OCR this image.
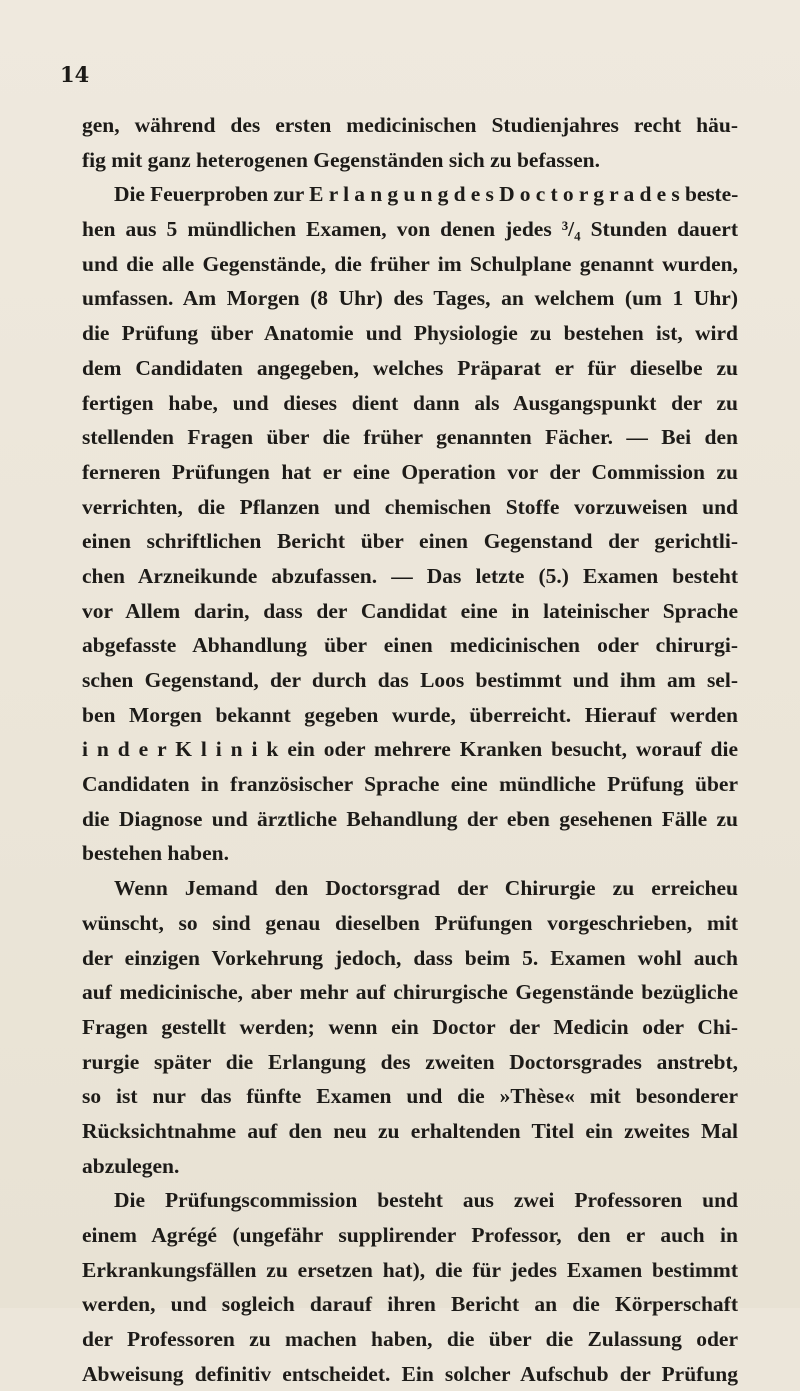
14
gen, während des ersten medicinischen Studienjahres recht häu-
fig mit ganz heterogenen Gegenständen sich zu befassen.
Die Feuerproben zur E r l a n g u n g d e s D o c t o r g r a d e s beste-
hen aus 5 mündlichen Examen, von denen jedes ³/₄ Stunden dauert
und die alle Gegenstände, die früher im Schulplane genannt wurden,
umfassen. Am Morgen (8 Uhr) des Tages, an welchem (um 1 Uhr)
die Prüfung über Anatomie und Physiologie zu bestehen ist, wird
dem Candidaten angegeben, welches Präparat er für dieselbe zu
fertigen habe, und dieses dient dann als Ausgangspunkt der zu
stellenden Fragen über die früher genannten Fächer. — Bei den
ferneren Prüfungen hat er eine Operation vor der Commission zu
verrichten, die Pflanzen und chemischen Stoffe vorzuweisen und
einen schriftlichen Bericht über einen Gegenstand der gerichtli-
chen Arzneikunde abzufassen. — Das letzte (5.) Examen besteht
vor Allem darin, dass der Candidat eine in lateinischer Sprache
abgefasste Abhandlung über einen medicinischen oder chirurgi-
schen Gegenstand, der durch das Loos bestimmt und ihm am sel-
ben Morgen bekannt gegeben wurde, überreicht. Hierauf werden
i n d e r K l i n i k ein oder mehrere Kranken besucht, worauf die
Candidaten in französischer Sprache eine mündliche Prüfung über
die Diagnose und ärztliche Behandlung der eben gesehenen Fälle zu
bestehen haben.
Wenn Jemand den Doctorsgrad der Chirurgie zu erreicheu
wünscht, so sind genau dieselben Prüfungen vorgeschrieben, mit
der einzigen Vorkehrung jedoch, dass beim 5. Examen wohl auch
auf medicinische, aber mehr auf chirurgische Gegenstände bezügliche
Fragen gestellt werden; wenn ein Doctor der Medicin oder Chi-
rurgie später die Erlangung des zweiten Doctorsgrades anstrebt,
so ist nur das fünfte Examen und die »Thèse« mit besonderer
Rücksichtnahme auf den neu zu erhaltenden Titel ein zweites Mal
abzulegen.
Die Prüfungscommission besteht aus zwei Professoren und
einem Agrégé (ungefähr supplirender Professor, den er auch in
Erkrankungsfällen zu ersetzen hat), die für jedes Examen bestimmt
werden, und sogleich darauf ihren Bericht an die Körperschaft
der Professoren zu machen haben, die über die Zulassung oder
Abweisung definitiv entscheidet. Ein solcher Aufschub der Prüfung
